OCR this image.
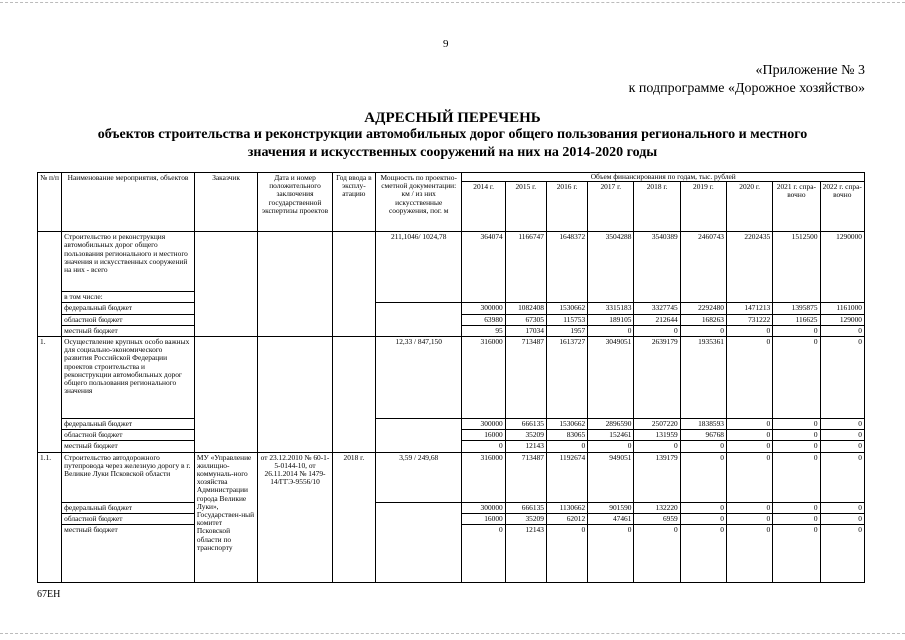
9
«Приложение № 3
к подпрограмме «Дорожное хозяйство»
АДРЕСНЫЙ ПЕРЕЧЕНЬ
объектов строительства и реконструкции автомобильных дорог общего пользования регионального и местного
значения и искусственных сооружений на них на 2014-2020 годы
№ п/п	Наименование мероприятия, объектов	Заказчик	Дата и номер положительного заключения государственной экспертизы проектов	Год ввода в эксплу-атацию	Мощность по проектно-сметной документации: км / из них искусственные сооружения, пог. м	Объем финансирования по годам, тыс. рублей								
						2014 г.	2015 г.	2016 г.	2017 г.	2018 г.	2019 г.	2020 г.	2021 г. спра-вочно	2022 г. спра-вочно
	Строительство и реконструкция автомобильных дорог общего пользования регионального и местного значения и искусственных сооружений на них - всего				211,1046/ 1024,78	364074	1166747	1648372	3504288	3540389	2460743	2202435	1512500	1290000
	в том числе:													
	федеральный бюджет					300000	1082408	1530662	3315183	3327745	2292480	1471213	1395875	1161000
	областной бюджет					63980	67305	115753	189105	212644	168263	731222	116625	129000
	местный бюджет					95	17034	1957	0	0	0	0	0	0
1.	Осуществление крупных особо важных для социально-экономического развития Российской Федерации проектов строительства и реконструкции автомобильных дорог общего пользования регионального значения				12,33 / 847,150	316000	713487	1613727	3049051	2639179	1935361	0	0	0
	федеральный бюджет					300000	666135	1530662	2896590	2507220	1838593	0	0	0
	областной бюджет					16000	35209	83065	152461	131959	96768	0	0	0
	местный бюджет					0	12143	0	0	0	0	0	0	0
1.1.	Строительство автодорожного путепровода через железную дорогу в г. Великие Луки Псковской области	МУ «Управление жилищно-коммуналь-ного хозяйства Администрации города Великие Луки», Государствен-ный комитет Псковской области по транспорту	от 23.12.2010 № 60-1-5-0144-10, от 26.11.2014 № 1479-14/ГГЭ-9556/10	2018 г.	3,59 / 249,68	316000	713487	1192674	949051	139179	0	0	0	0
	федеральный бюджет					300000	666135	1130662	901590	132220	0	0	0	0
	областной бюджет					16000	35209	62012	47461	6959	0	0	0	0
	местный бюджет					0	12143	0	0	0	0	0	0	0
67ЕН
